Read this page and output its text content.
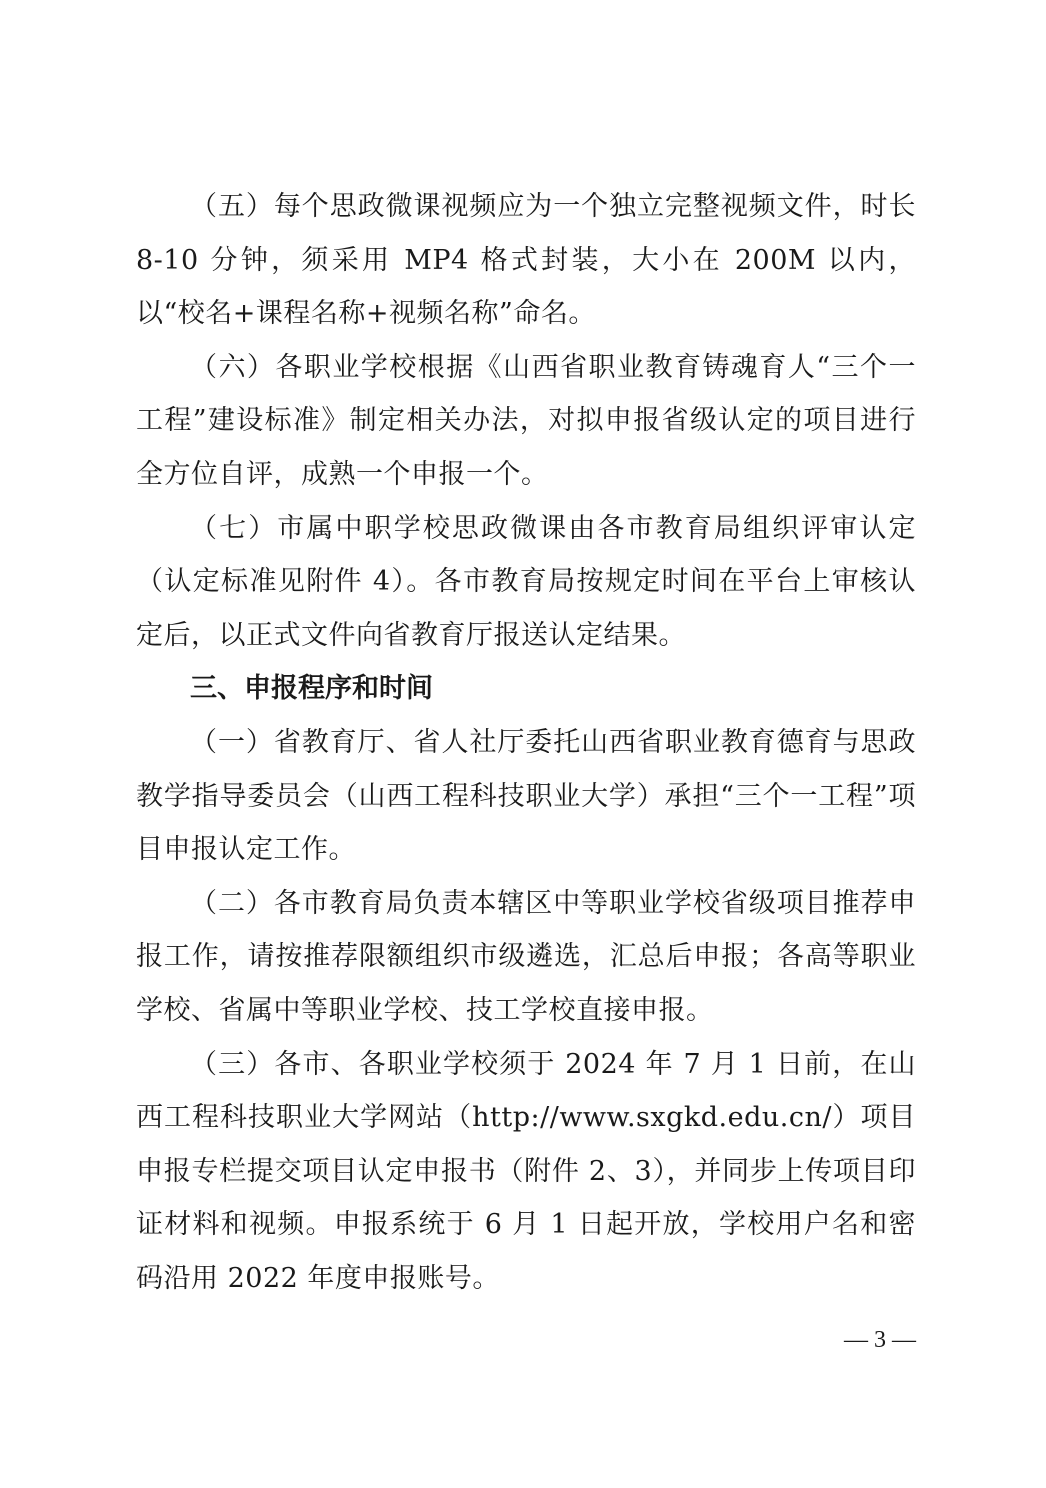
（五）每个思政微课视频应为一个独立完整视频文件，时长 8-10 分钟，须采用 MP4 格式封装，大小在 200M 以内，以“校名+课程名称+视频名称”命名。

（六）各职业学校根据《山西省职业教育铸魂育人“三个一工程”建设标准》制定相关办法，对拟申报省级认定的项目进行全方位自评，成熟一个申报一个。

（七）市属中职学校思政微课由各市教育局组织评审认定（认定标准见附件 4）。各市教育局按规定时间在平台上审核认定后，以正式文件向省教育厅报送认定结果。

三、申报程序和时间

（一）省教育厅、省人社厅委托山西省职业教育德育与思政教学指导委员会（山西工程科技职业大学）承担“三个一工程”项目申报认定工作。

（二）各市教育局负责本辖区中等职业学校省级项目推荐申报工作，请按推荐限额组织市级遴选，汇总后申报；各高等职业学校、省属中等职业学校、技工学校直接申报。

（三）各市、各职业学校须于 2024 年 7 月 1 日前，在山西工程科技职业大学网站（http://www.sxgkd.edu.cn/）项目申报专栏提交项目认定申报书（附件 2、3），并同步上传项目印证材料和视频。申报系统于 6 月 1 日起开放，学校用户名和密码沿用 2022 年度申报账号。

— 3 —
